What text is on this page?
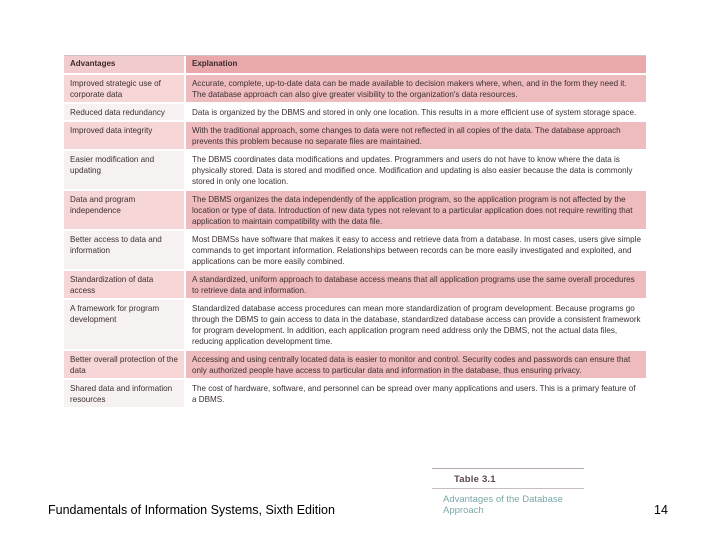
Advantages	Explanation
Improved strategic use of corporate data	Accurate, complete, up-to-date data can be made available to decision makers where, when, and in the form they need it. The database approach can also give greater visibility to the organization's data resources.
Reduced data redundancy	Data is organized by the DBMS and stored in only one location. This results in a more efficient use of system storage space.
Improved data integrity	With the traditional approach, some changes to data were not reflected in all copies of the data. The database approach prevents this problem because no separate files are maintained.
Easier modification and updating	The DBMS coordinates data modifications and updates. Programmers and users do not have to know where the data is physically stored. Data is stored and modified once. Modification and updating is also easier because the data is commonly stored in only one location.
Data and program independence	The DBMS organizes the data independently of the application program, so the application program is not affected by the location or type of data. Introduction of new data types not relevant to a particular application does not require rewriting that application to maintain compatibility with the data file.
Better access to data and information	Most DBMSs have software that makes it easy to access and retrieve data from a database. In most cases, users give simple commands to get important information. Relationships between records can be more easily investigated and exploited, and applications can be more easily combined.
Standardization of data access	A standardized, uniform approach to database access means that all application programs use the same overall procedures to retrieve data and information.
A framework for program development	Standardized database access procedures can mean more standardization of program development. Because programs go through the DBMS to gain access to data in the database, standardized database access can provide a consistent framework for program development. In addition, each application program need address only the DBMS, not the actual data files, reducing application development time.
Better overall protection of the data	Accessing and using centrally located data is easier to monitor and control. Security codes and passwords can ensure that only authorized people have access to particular data and information in the database, thus ensuring privacy.
Shared data and information resources	The cost of hardware, software, and personnel can be spread over many applications and users. This is a primary feature of a DBMS.
Table 3.1
Advantages of the Database Approach
Fundamentals of Information Systems, Sixth Edition	14
